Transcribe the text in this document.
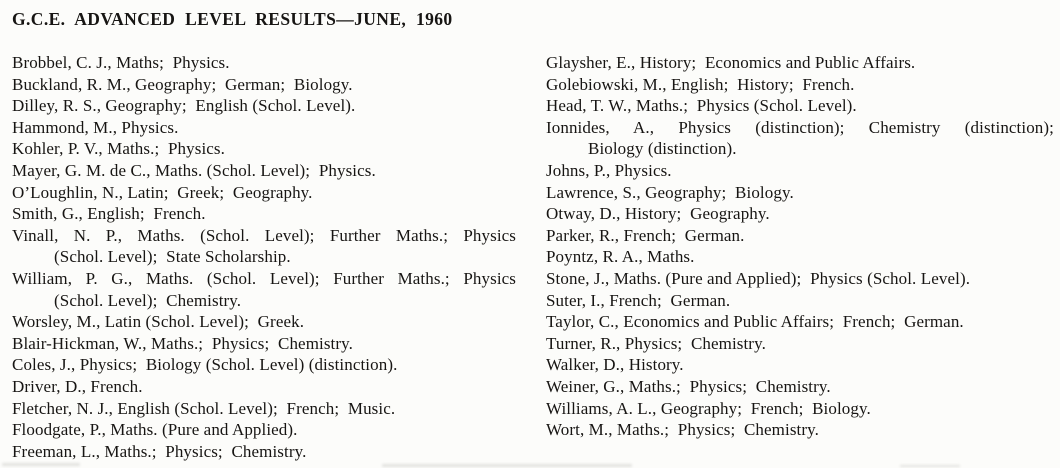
G.C.E. ADVANCED LEVEL RESULTS—JUNE, 1960
Brobbel, C. J., Maths;  Physics.
Buckland, R. M., Geography;  German;  Biology.
Dilley, R. S., Geography;  English (Schol. Level).
Hammond, M., Physics.
Kohler, P. V., Maths.;  Physics.
Mayer, G. M. de C., Maths. (Schol. Level);  Physics.
O’Loughlin, N., Latin;  Greek;  Geography.
Smith, G., English;  French.
Vinall, N. P., Maths. (Schol. Level); Further Maths.; Physics
(Schol. Level);  State Scholarship.
William, P. G., Maths. (Schol. Level); Further Maths.; Physics
(Schol. Level);  Chemistry.
Worsley, M., Latin (Schol. Level);  Greek.
Blair-Hickman, W., Maths.;  Physics;  Chemistry.
Coles, J., Physics;  Biology (Schol. Level) (distinction).
Driver, D., French.
Fletcher, N. J., English (Schol. Level);  French;  Music.
Floodgate, P., Maths. (Pure and Applied).
Freeman, L., Maths.;  Physics;  Chemistry.
Glaysher, E., History;  Economics and Public Affairs.
Golebiowski, M., English;  History;  French.
Head, T. W., Maths.;  Physics (Schol. Level).
Ionnides, A., Physics (distinction); Chemistry (distinction);
Biology (distinction).
Johns, P., Physics.
Lawrence, S., Geography;  Biology.
Otway, D., History;  Geography.
Parker, R., French;  German.
Poyntz, R. A., Maths.
Stone, J., Maths. (Pure and Applied);  Physics (Schol. Level).
Suter, I., French;  German.
Taylor, C., Economics and Public Affairs;  French;  German.
Turner, R., Physics;  Chemistry.
Walker, D., History.
Weiner, G., Maths.;  Physics;  Chemistry.
Williams, A. L., Geography;  French;  Biology.
Wort, M., Maths.;  Physics;  Chemistry.
